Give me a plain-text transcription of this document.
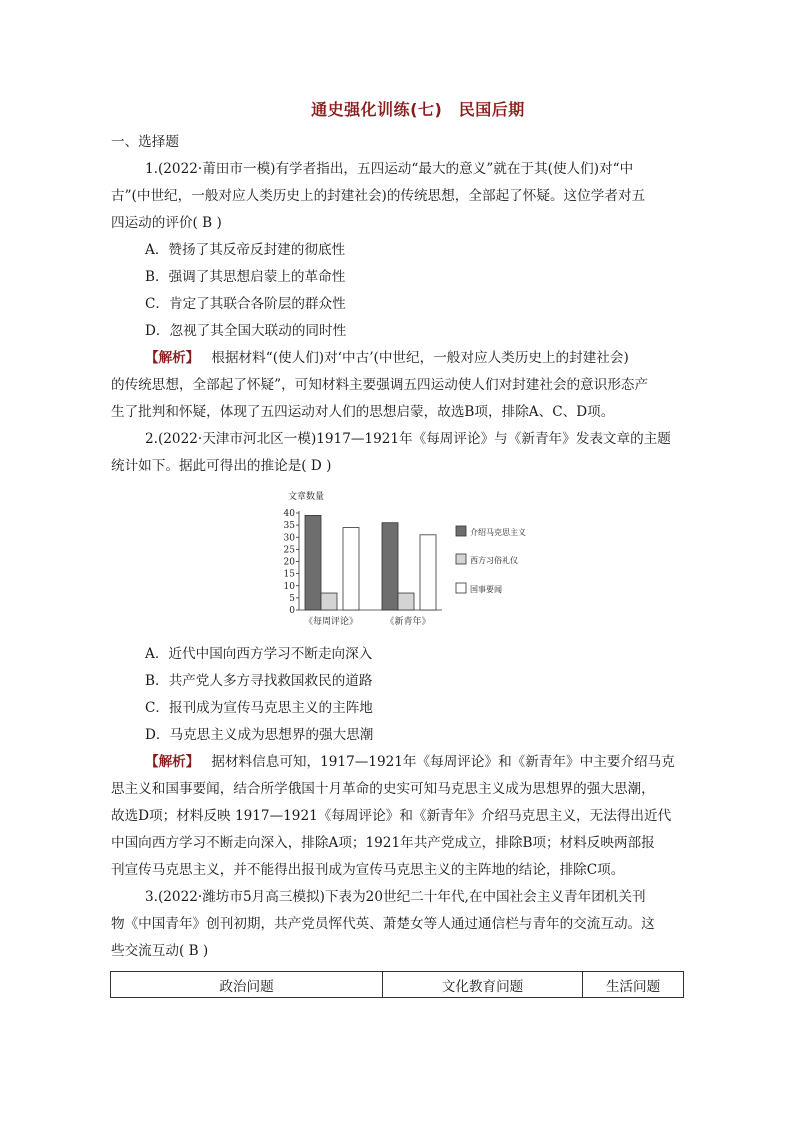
通史强化训练(七)　民国后期
一、选择题
1.(2022·莆田市一模)有学者指出，五四运动“最大的意义”就在于其(使人们)对“中
古”(中世纪，一般对应人类历史上的封建社会)的传统思想，全部起了怀疑。这位学者对五
四运动的评价( B )
A．赞扬了其反帝反封建的彻底性
B．强调了其思想启蒙上的革命性
C．肯定了其联合各阶层的群众性
D．忽视了其全国大联动的同时性
【解析】 根据材料“(使人们)对‘中古’(中世纪，一般对应人类历史上的封建社会)
的传统思想，全部起了怀疑”，可知材料主要强调五四运动使人们对封建社会的意识形态产
生了批判和怀疑，体现了五四运动对人们的思想启蒙，故选B项，排除A、C、D项。
2.(2022·天津市河北区一模)1917—1921年《每周评论》与《新青年》发表文章的主题
统计如下。据此可得出的推论是( D )
文章数量
0
5
10
15
20
25
30
35
40
《每周评论》	《新青年》
介绍马克思主义
西方习俗礼仪
国事要闻
A．近代中国向西方学习不断走向深入
B．共产党人多方寻找救国救民的道路
C．报刊成为宣传马克思主义的主阵地
D．马克思主义成为思想界的强大思潮
【解析】 据材料信息可知，1917—1921年《每周评论》和《新青年》中主要介绍马克
思主义和国事要闻，结合所学俄国十月革命的史实可知马克思主义成为思想界的强大思潮，
故选D项；材料反映 1917—1921《每周评论》和《新青年》介绍马克思主义，无法得出近代
中国向西方学习不断走向深入，排除A项；1921年共产党成立，排除B项；材料反映两部报
刊宣传马克思主义，并不能得出报刊成为宣传马克思主义的主阵地的结论，排除C项。
3.(2022·潍坊市5月高三模拟)下表为20世纪二十年代,在中国社会主义青年团机关刊
物《中国青年》创刊初期，共产党员恽代英、萧楚女等人通过通信栏与青年的交流互动。这
些交流互动( B )
政治问题	文化教育问题	生活问题
